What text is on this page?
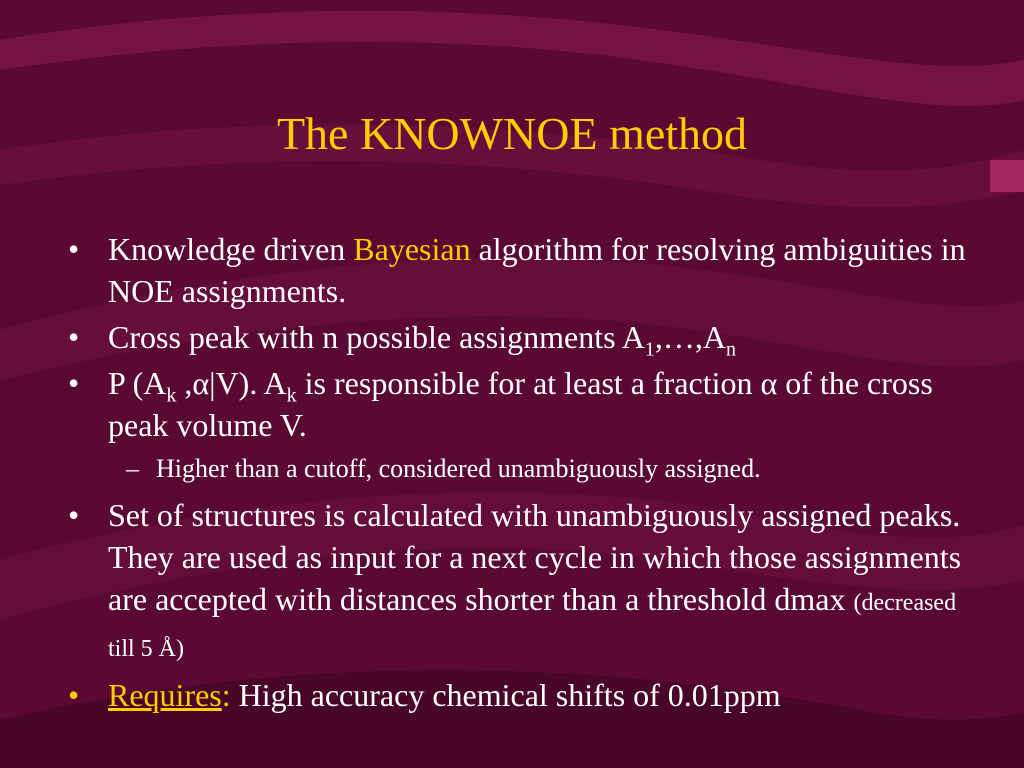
The KNOWNOE method
• Knowledge driven Bayesian algorithm for resolving ambiguities in NOE assignments.
• Cross peak with n possible assignments $A_1,\dots,A_n$
• P ($A_k$ ,α|V). $A_k$ is responsible for at least a fraction α of the cross peak volume V.
– Higher than a cutoff, considered unambiguously assigned.
• Set of structures is calculated with unambiguously assigned peaks. They are used as input for a next cycle in which those assignments are accepted with distances shorter than a threshold dmax (decreased till 5 Å)
• Requires: High accuracy chemical shifts of 0.01ppm
